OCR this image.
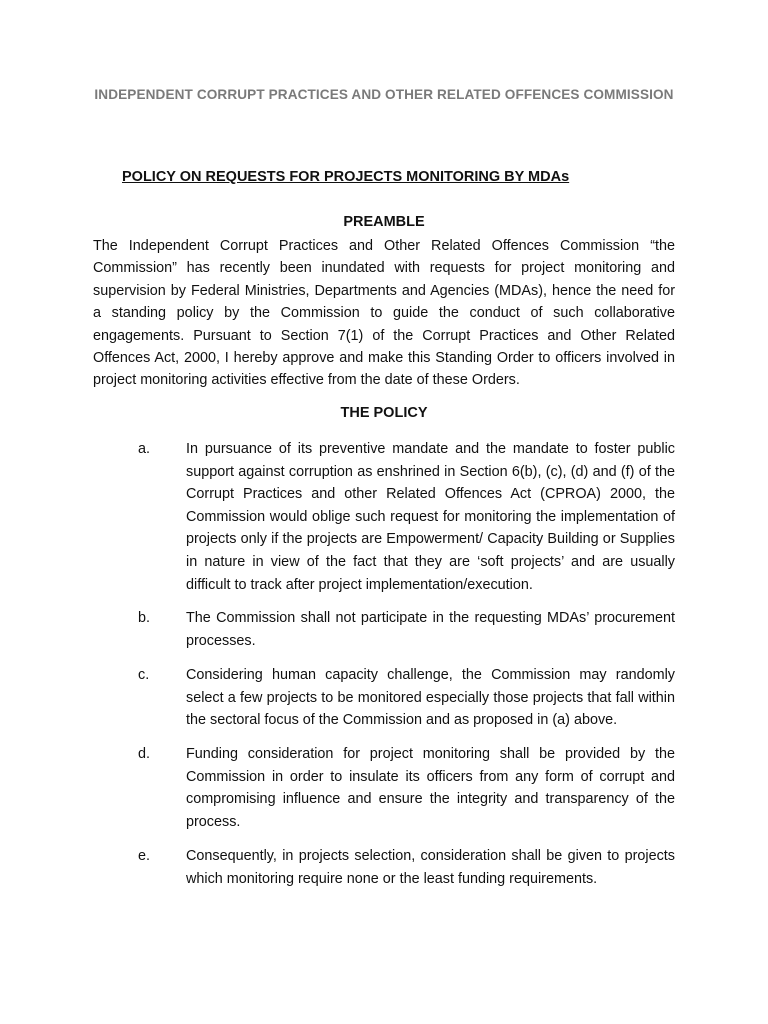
INDEPENDENT CORRUPT PRACTICES AND OTHER RELATED OFFENCES COMMISSION
POLICY ON REQUESTS FOR PROJECTS MONITORING BY MDAs
PREAMBLE
The Independent Corrupt Practices and Other Related Offences Commission “the Commission” has recently been inundated with requests for project monitoring and supervision by Federal Ministries, Departments and Agencies (MDAs), hence the need for a standing policy by the Commission to guide the conduct of such collaborative engagements. Pursuant to Section 7(1) of the Corrupt Practices and Other Related Offences Act, 2000, I hereby approve and make this Standing Order to officers involved in project monitoring activities effective from the date of these Orders.
THE POLICY
a. In pursuance of its preventive mandate and the mandate to foster public support against corruption as enshrined in Section 6(b), (c), (d) and (f) of the Corrupt Practices and other Related Offences Act (CPROA) 2000, the Commission would oblige such request for monitoring the implementation of projects only if the projects are Empowerment/ Capacity Building or Supplies in nature in view of the fact that they are ‘soft projects’ and are usually difficult to track after project implementation/execution.
b. The Commission shall not participate in the requesting MDAs’ procurement processes.
c.	Considering human capacity challenge, the Commission may randomly select a few projects to be monitored especially those projects that fall within the sectoral focus of the Commission and as proposed in (a) above.
d. Funding consideration for project monitoring shall be provided by the Commission in order to insulate its officers from any form of corrupt and compromising influence and ensure the integrity and transparency of the process.
e. Consequently, in projects selection, consideration shall be given to projects which monitoring require none or the least funding requirements.
